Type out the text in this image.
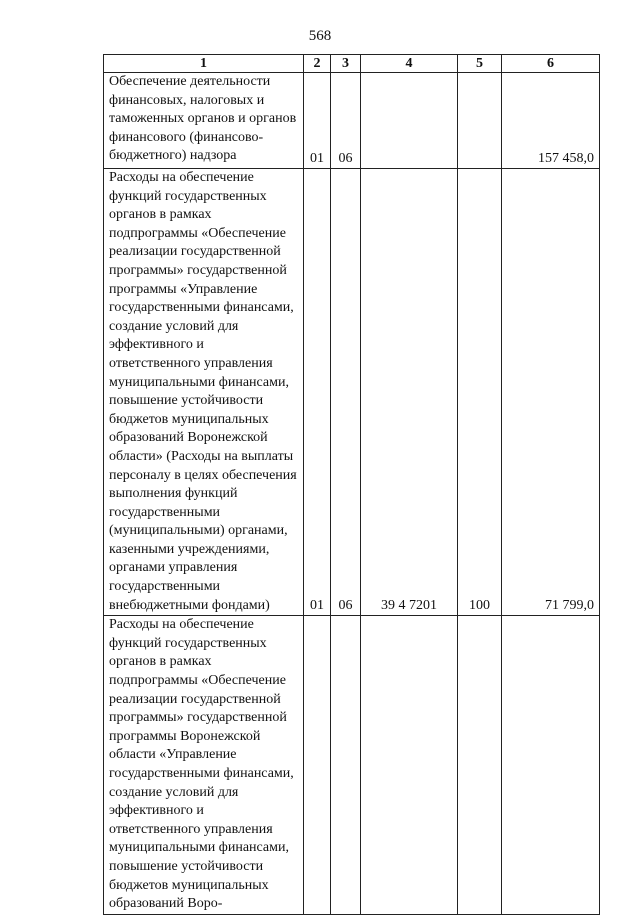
568
1	2	3	4	5	6
Обеспечение деятельности финансовых, налоговых и таможенных органов и органов финансового (финансово-бюджетного) надзора	01	06			157 458,0
Расходы на обеспечение функций государственных органов в рамках подпрограммы «Обеспечение реализации государственной программы» государственной программы «Управление государственными финансами, создание условий для эффективного и ответственного управления муниципальными финансами, повышение устойчивости бюджетов муниципальных образований Воронежской области» (Расходы на выплаты персоналу в целях обеспечения выполнения функций государственными (муниципальными) органами, казенными учреждениями, органами управления государственными внебюджетными фондами)	01	06	39 4 7201	100	71 799,0
Расходы на обеспечение функций государственных органов в рамках подпрограммы «Обеспечение реализации государственной программы» государственной программы Воронежской области «Управление государственными финансами, создание условий для эффективного и ответственного управления муниципальными финансами, повышение устойчивости бюджетов муниципальных образований Воро-					
